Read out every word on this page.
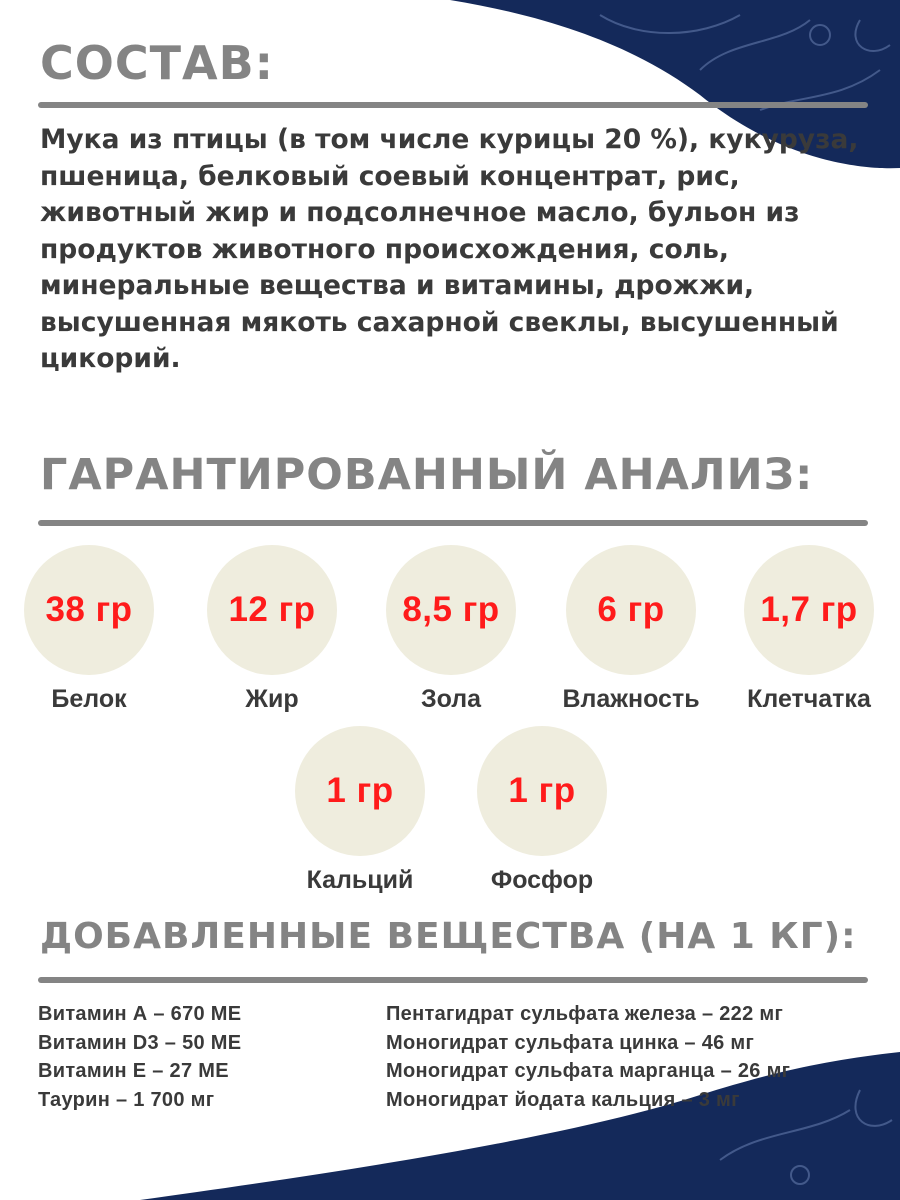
СОСТАВ:

Мука из птицы (в том числе курицы 20 %), кукуруза, пшеница, белковый соевый концентрат, рис, животный жир и подсолнечное масло, бульон из продуктов животного происхождения, соль, минеральные вещества и витамины, дрожжи, высушенная мякоть сахарной свеклы, высушенный цикорий.

ГАРАНТИРОВАННЫЙ АНАЛИЗ:
38 гр
Белок
12 гр
Жир
8,5 гр
Зола
6 гр
Влажность
1,7 гр
Клетчатка
1 гр
Кальций
1 гр
Фосфор
ДОБАВЛЕННЫЕ ВЕЩЕСТВА (НА 1 КГ):
Витамин А – 670 МЕ
Витамин D3 – 50 МЕ
Витамин Е – 27 МЕ
Таурин – 1 700 мг
Пентагидрат сульфата железа – 222 мг
Моногидрат сульфата цинка – 46 мг
Моногидрат сульфата марганца – 26 мг
Моногидрат йодата кальция – 3 мг
